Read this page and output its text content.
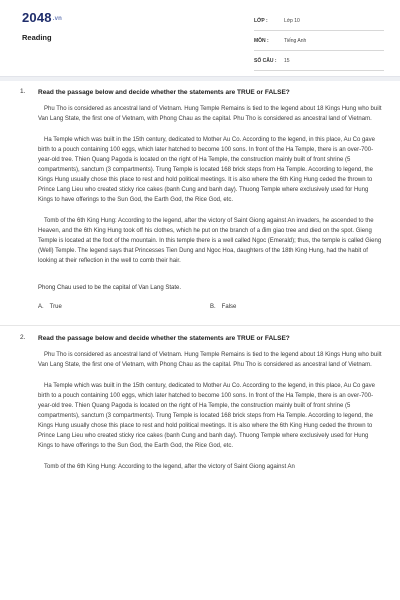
2048.vn
Reading
LỚP :	Lớp 10
MÔN :	Tiếng Anh
SỐ CÂU : 15
1. Read the passage below and decide whether the statements are TRUE or FALSE?

Phu Tho is considered as ancestral land of Vietnam. Hung Temple Remains is tied to the legend about 18 Kings Hung who built Van Lang State, the first one of Vietnam, with Phong Chau as the capital. Phu Tho is considered as ancestral land of Vietnam.

Ha Temple which was built in the 15th century, dedicated to Mother Au Co. According to the legend, in this place, Au Co gave birth to a pouch containing 100 eggs, which later hatched to become 100 sons. In front of the Ha Temple, there is an over-700-year-old tree. Thien Quang Pagoda is located on the right of Ha Temple, the construction mainly built of front shrine (5 compartments), sanctum (3 compartments). Trung Temple is located 168 brick steps from Ha Temple. According to legend, the Kings Hung usually chose this place to rest and hold political meetings. It is also where the 6th King Hung ceded the thrown to Prince Lang Lieu who created sticky rice cakes (banh Cung and banh day). Thuong Temple where exclusively used for Hung Kings to have offerings to the Sun God, the Earth God, the Rice God, etc.

Tomb of the 6th King Hung: According to the legend, after the victory of Saint Giong against An invaders, he ascended to the Heaven, and the 6th King Hung took off his clothes, which he put on the branch of a đim giao tree and died on the spot. Gieng Temple is located at the foot of the mountain. In this temple there is a well called Ngoc (Emerald); thus, the temple is called Gieng (Well) Temple. The legend says that Princesses Tien Dung and Ngoc Hoa, daughters of the 18th King Hung, had the habit of looking at their reflection in the well to comb their hair.

Phong Chau used to be the capital of Van Lang State.
A. True	B. False
2. Read the passage below and decide whether the statements are TRUE or FALSE?

Phu Tho is considered as ancestral land of Vietnam. Hung Temple Remains is tied to the legend about 18 Kings Hung who built Van Lang State, the first one of Vietnam, with Phong Chau as the capital. Phu Tho is considered as ancestral land of Vietnam.

Ha Temple which was built in the 15th century, dedicated to Mother Au Co. According to the legend, in this place, Au Co gave birth to a pouch containing 100 eggs, which later hatched to become 100 sons. In front of the Ha Temple, there is an over-700-year-old tree. Thien Quang Pagoda is located on the right of Ha Temple, the construction mainly built of front shrine (5 compartments), sanctum (3 compartments). Trung Temple is located 168 brick steps from Ha Temple. According to legend, the Kings Hung usually chose this place to rest and hold political meetings. It is also where the 6th King Hung ceded the thrown to Prince Lang Lieu who created sticky rice cakes (banh Cung and banh day). Thuong Temple where exclusively used for Hung Kings to have offerings to the Sun God, the Earth God, the Rice God, etc.

Tomb of the 6th King Hung: According to the legend, after the victory of Saint Giong against An
